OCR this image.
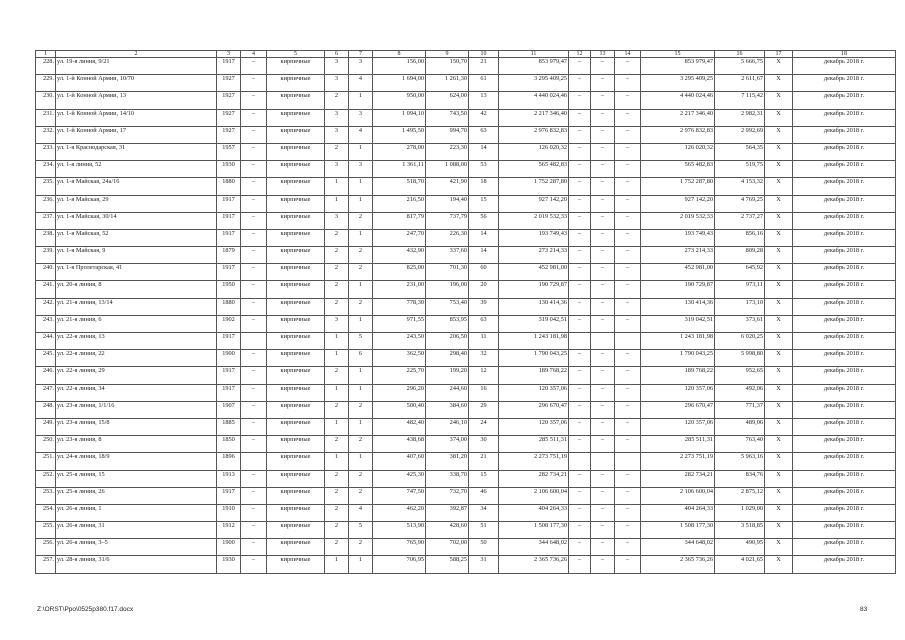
1	2	3	4	5	6	7	8	9	10	11	12	13	14	15	16	17	18
228.	ул. 19-я линия, 9/21	1917	–	кирпичные	3	3	156,00	150,70	21	853 979,47	–	–	–	853 979,47	5 666,75	X	декабрь 2018 г.
229.	ул. 1-й Конной Армии, 10/70	1927	–	кирпичные	3	4	1 694,00	1 261,30	61	3 295 409,25	–	–	–	3 295 409,25	2 611,67	X	декабрь 2018 г.
230.	ул. 1-й Конной Армии, 13	1927	–	кирпичные	2	1	950,00	624,00	13	4 440 024,46	–	–	–	4 440 024,46	7 115,42	X	декабрь 2018 г.
231.	ул. 1-й Конной Армии, 14/10	1927	–	кирпичные	3	3	1 094,10	743,50	42	2 217 346,40	–	–	–	2 217 346,40	2 982,31	X	декабрь 2018 г.
232.	ул. 1-й Конной Армии, 17	1927	–	кирпичные	3	4	1 495,50	994,70	63	2 976 832,83	–	–	–	2 976 832,83	2 992,69	X	декабрь 2018 г.
233.	ул. 1-я Краснодарская, 31	1957	–	кирпичные	2	1	278,00	223,30	14	126 020,32	–	–	–	126 020,32	564,35	X	декабрь 2018 г.
234.	ул. 1-я линия, 52	1930	–	кирпичные	3	3	1 361,11	1 088,00	53	565 482,83	–	–	–	565 482,83	519,75	X	декабрь 2018 г.
235.	ул. 1-я Майская, 24а/16	1880	–	кирпичные	1	1	518,70	421,90	18	1 752 287,80	–	–	–	1 752 287,80	4 153,32	X	декабрь 2018 г.
236.	ул. 1-я Майская, 29	1917	–	кирпичные	1	1	216,50	194,40	15	927 142,20	–	–	–	927 142,20	4 769,25	X	декабрь 2018 г.
237.	ул. 1-я Майская, 30/14	1917	–	кирпичные	3	2	817,79	737,79	56	2 019 532,33	–	–	–	2 019 532,33	2 737,27	X	декабрь 2018 г.
238.	ул. 1-я Майская, 52	1917	–	кирпичные	2	1	247,70	226,30	14	193 749,43	–	–	–	193 749,43	856,16	X	декабрь 2018 г.
239.	ул. 1-я Майская, 9	1879	–	кирпичные	2	2	432,90	337,60	14	273 214,33	–	–	–	273 214,33	809,28	X	декабрь 2018 г.
240.	ул. 1-я Пролетарская, 41	1917	–	кирпичные	2	2	825,00	701,30	60	452 981,00	–	–	–	452 981,00	645,92	X	декабрь 2018 г.
241.	ул. 20-я линия, 8	1950	–	кирпичные	2	1	231,00	196,00	20	190 729,87	–	–	–	190 729,87	973,11	X	декабрь 2018 г.
242.	ул. 21-я линия, 13/14	1880	–	кирпичные	2	2	778,30	753,40	39	130 414,36	–	–	–	130 414,36	173,10	X	декабрь 2018 г.
243.	ул. 21-я линия, 6	1902	–	кирпичные	3	1	971,55	853,95	63	319 042,51	–	–	–	319 042,51	373,61	X	декабрь 2018 г.
244.	ул. 22-я линия, 13	1917		кирпичные	1	5	243,50	206,50	11	1 243 181,98				1 243 181,98	6 020,25	X	декабрь 2018 г.
245.	ул. 22-я линия, 22	1900	–	кирпичные	1	6	362,50	298,40	32	1 790 043,25	–	–	–	1 790 043,25	5 998,80	X	декабрь 2018 г.
246.	ул. 22-я линия, 29	1917	–	кирпичные	2	1	225,70	199,20	12	189 768,22	–	–	–	189 768,22	952,65	X	декабрь 2018 г.
247.	ул. 22-я линия, 34	1917	–	кирпичные	1	1	296,20	244,60	16	120 357,06	–	–	–	120 357,06	492,06	X	декабрь 2018 г.
248.	ул. 23-я линия, 1/1/16	1907	–	кирпичные	2	2	500,40	384,60	29	296 670,47	–	–	–	296 670,47	771,37	X	декабрь 2018 г.
249.	ул. 23-я линия, 15/8	1885	–	кирпичные	1	1	482,40	246,10	24	120 357,06	–	–	–	120 357,06	489,06	X	декабрь 2018 г.
250.	ул. 23-я линия, 8	1850	–	кирпичные	2	2	438,68	374,00	30	285 511,31	–	–	–	285 511,31	763,40	X	декабрь 2018 г.
251.	ул. 24-я линия, 18/9	1896		кирпичные	1	1	407,60	381,20	21	2 273 751,19				2 273 751,19	5 963,16	X	декабрь 2018 г.
252.	ул. 25-я линия, 15	1913	–	кирпичные	2	2	425,30	338,70	15	282 734,21	–	–	–	282 734,21	834,76	X	декабрь 2018 г.
253.	ул. 25-я линия, 26	1917	–	кирпичные	2	2	747,50	732,70	46	2 106 600,04	–	–	–	2 106 600,04	2 875,12	X	декабрь 2018 г.
254.	ул. 26-я линия, 1	1910	–	кирпичные	2	4	462,20	392,87	34	404 264,33	–	–	–	404 264,33	1 029,00	X	декабрь 2018 г.
255.	ул. 26-я линия, 31	1912	–	кирпичные	2	5	513,90	428,60	51	1 508 177,30	–	–	–	1 508 177,30	3 518,85	X	декабрь 2018 г.
256.	ул. 26-я линия, 3–5	1900	–	кирпичные	2	2	765,90	702,00	50	344 648,02	–	–	–	344 648,02	490,95	X	декабрь 2018 г.
257.	ул. 28-я линия, 31/6	1930	–	кирпичные	1	1	706,95	588,25	31	2 365 736,26	–	–	–	2 365 736,26	4 021,65	X	декабрь 2018 г.
Z:\ORST\Ppo\0525p380.f17.docx	83
